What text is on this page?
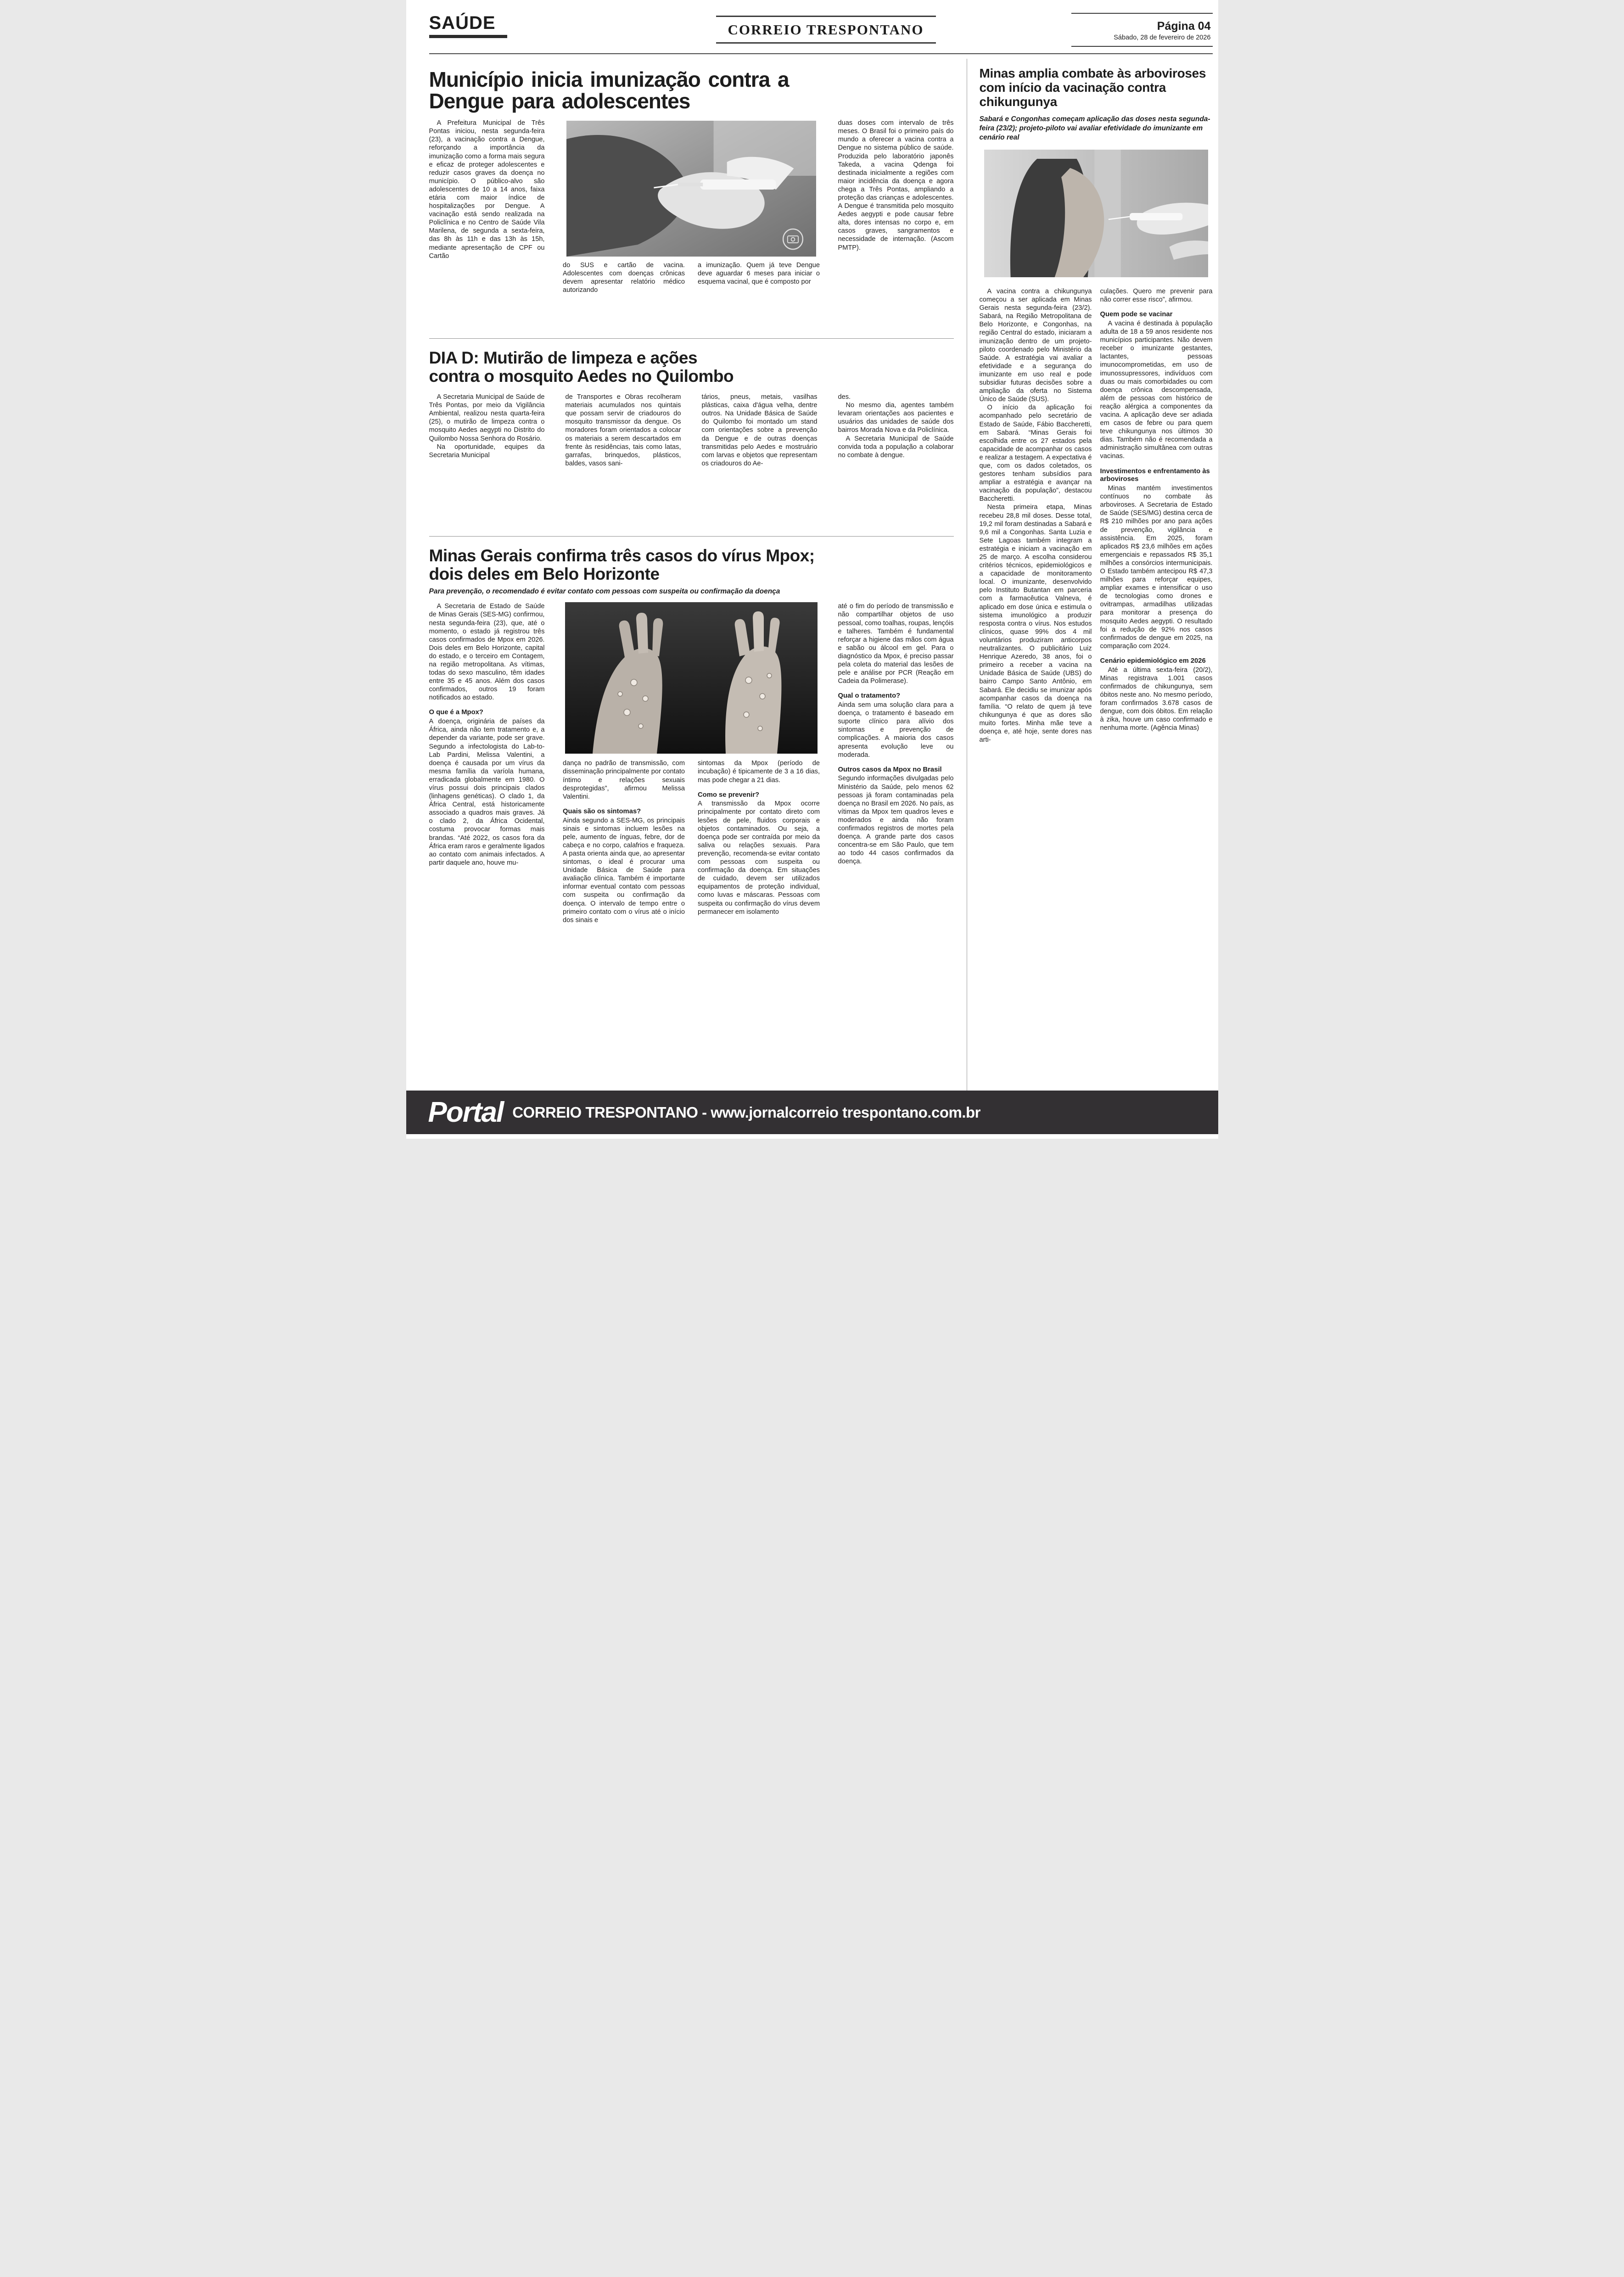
SAÚDE	CORREIO TRESPONTANO	Página 04
Sábado, 28 de fevereiro de 2026
Município inicia imunização contra a Dengue para adolescentes

A Prefeitura Municipal de Três Pontas iniciou, nesta segunda-feira (23), a vacinação contra a Dengue, reforçando a importância da imunização como a forma mais segura e eficaz de proteger adolescentes e reduzir casos graves da doença no município. O público-alvo são adolescentes de 10 a 14 anos, faixa etária com maior índice de hospitalizações por Dengue. A vacinação está sendo realizada na Policlínica e no Centro de Saúde Vila Marilena, de segunda a sexta-feira, das 8h às 11h e das 13h às 15h, mediante apresentação de CPF ou Cartão

do SUS e cartão de vacina. Adolescentes com doenças crônicas devem apresentar relatório médico autorizando

a imunização. Quem já teve Dengue deve aguardar 6 meses para iniciar o esquema vacinal, que é composto por

duas doses com intervalo de três meses. O Brasil foi o primeiro país do mundo a oferecer a vacina contra a Dengue no sistema público de saúde. Produzida pelo laboratório japonês Takeda, a vacina Qdenga foi destinada inicialmente a regiões com maior incidência da doença e agora chega a Três Pontas, ampliando a proteção das crianças e adolescentes. A Dengue é transmitida pelo mosquito Aedes aegypti e pode causar febre alta, dores intensas no corpo e, em casos graves, sangramentos e necessidade de internação. (Ascom PMTP).

DIA D: Mutirão de limpeza e ações contra o mosquito Aedes no Quilombo

A Secretaria Municipal de Saúde de Três Pontas, por meio da Vigilância Ambiental, realizou nesta quarta-feira (25), o mutirão de limpeza contra o mosquito Aedes aegypti no Distrito do Quilombo Nossa Senhora do Rosário.

Na oportunidade, equipes da Secretaria Municipal

de Transportes e Obras recolheram materiais acumulados nos quintais que possam servir de criadouros do mosquito transmissor da dengue. Os moradores foram orientados a colocar os materiais a serem descartados em frente às residências, tais como latas, garrafas, brinquedos, plásticos, baldes, vasos sani-

tários, pneus, metais, vasilhas plásticas, caixa d'água velha, dentre outros. Na Unidade Básica de Saúde do Quilombo foi montado um stand com orientações sobre a prevenção da Dengue e de outras doenças transmitidas pelo Aedes e mostruário com larvas e objetos que representam os criadouros do Ae-

des.

No mesmo dia, agentes também levaram orientações aos pacientes e usuários das unidades de saúde dos bairros Morada Nova e da Policlínica.

A Secretaria Municipal de Saúde convida toda a população a colaborar no combate à dengue.

Minas Gerais confirma três casos do vírus Mpox; dois deles em Belo Horizonte

Para prevenção, o recomendado é evitar contato com pessoas com suspeita ou confirmação da doença

A Secretaria de Estado de Saúde de Minas Gerais (SES-MG) confirmou, nesta segunda-feira (23), que, até o momento, o estado já registrou três casos confirmados de Mpox em 2026. Dois deles em Belo Horizonte, capital do estado, e o terceiro em Contagem, na região metropolitana. As vítimas, todas do sexo masculino, têm idades entre 35 e 45 anos. Além dos casos confirmados, outros 19 foram notificados ao estado.

O que é a Mpox?

A doença, originária de países da África, ainda não tem tratamento e, a depender da variante, pode ser grave. Segundo a infectologista do Lab-to-Lab Pardini, Melissa Valentini, a doença é causada por um vírus da mesma família da varíola humana, erradicada globalmente em 1980. O vírus possui dois principais clados (linhagens genéticas). O clado 1, da África Central, está historicamente associado a quadros mais graves. Já o clado 2, da África Ocidental, costuma provocar formas mais brandas. “Até 2022, os casos fora da África eram raros e geralmente ligados ao contato com animais infectados. A partir daquele ano, houve mu-

dança no padrão de transmissão, com disseminação principalmente por contato íntimo e relações sexuais desprotegidas”, afirmou Melissa Valentini.

Quais são os sintomas?

Ainda segundo a SES-MG, os principais sinais e sintomas incluem lesões na pele, aumento de ínguas, febre, dor de cabeça e no corpo, calafrios e fraqueza. A pasta orienta ainda que, ao apresentar sintomas, o ideal é procurar uma Unidade Básica de Saúde para avaliação clínica. Também é importante informar eventual contato com pessoas com suspeita ou confirmação da doença. O intervalo de tempo entre o primeiro contato com o vírus até o início dos sinais e

sintomas da Mpox (período de incubação) é tipicamente de 3 a 16 dias, mas pode chegar a 21 dias.

Como se prevenir?

A transmissão da Mpox ocorre principalmente por contato direto com lesões de pele, fluidos corporais e objetos contaminados. Ou seja, a doença pode ser contraída por meio da saliva ou relações sexuais. Para prevenção, recomenda-se evitar contato com pessoas com suspeita ou confirmação da doença. Em situações de cuidado, devem ser utilizados equipamentos de proteção individual, como luvas e máscaras. Pessoas com suspeita ou confirmação do vírus devem permanecer em isolamento

até o fim do período de transmissão e não compartilhar objetos de uso pessoal, como toalhas, roupas, lençóis e talheres. Também é fundamental reforçar a higiene das mãos com água e sabão ou álcool em gel. Para o diagnóstico da Mpox, é preciso passar pela coleta do material das lesões de pele e análise por PCR (Reação em Cadeia da Polimerase).

Qual o tratamento?

Ainda sem uma solução clara para a doença, o tratamento é baseado em suporte clínico para alívio dos sintomas e prevenção de complicações. A maioria dos casos apresenta evolução leve ou moderada.

Outros casos da Mpox no Brasil

Segundo informações divulgadas pelo Ministério da Saúde, pelo menos 62 pessoas já foram contaminadas pela doença no Brasil em 2026. No país, as vítimas da Mpox tem quadros leves e moderados e ainda não foram confirmados registros de mortes pela doença. A grande parte dos casos concentra-se em São Paulo, que tem ao todo 44 casos confirmados da doença.

Minas amplia combate às arboviroses com início da vacinação contra chikungunya

Sabará e Congonhas começam aplicação das doses nesta segunda-feira (23/2); projeto-piloto vai avaliar efetividade do imunizante em cenário real

A vacina contra a chikungunya começou a ser aplicada em Minas Gerais nesta segunda-feira (23/2). Sabará, na Região Metropolitana de Belo Horizonte, e Congonhas, na região Central do estado, iniciaram a imunização dentro de um projeto-piloto coordenado pelo Ministério da Saúde. A estratégia vai avaliar a efetividade e a segurança do imunizante em uso real e pode subsidiar futuras decisões sobre a ampliação da oferta no Sistema Único de Saúde (SUS).

O início da aplicação foi acompanhado pelo secretário de Estado de Saúde, Fábio Baccheretti, em Sabará. “Minas Gerais foi escolhida entre os 27 estados pela capacidade de acompanhar os casos e realizar a testagem. A expectativa é que, com os dados coletados, os gestores tenham subsídios para ampliar a estratégia e avançar na vacinação da população”, destacou Baccheretti.

Nesta primeira etapa, Minas recebeu 28,8 mil doses. Desse total, 19,2 mil foram destinadas a Sabará e 9,6 mil a Congonhas. Santa Luzia e Sete Lagoas também integram a estratégia e iniciam a vacinação em 25 de março. A escolha considerou critérios técnicos, epidemiológicos e a capacidade de monitoramento local. O imunizante, desenvolvido pelo Instituto Butantan em parceria com a farmacêutica Valneva, é aplicado em dose única e estimula o sistema imunológico a produzir resposta contra o vírus. Nos estudos clínicos, quase 99% dos 4 mil voluntários produziram anticorpos neutralizantes. O publicitário Luiz Henrique Azeredo, 38 anos, foi o primeiro a receber a vacina na Unidade Básica de Saúde (UBS) do bairro Campo Santo Antônio, em Sabará. Ele decidiu se imunizar após acompanhar casos da doença na família. “O relato de quem já teve chikungunya é que as dores são muito fortes. Minha mãe teve a doença e, até hoje, sente dores nas arti-

culações. Quero me prevenir para não correr esse risco”, afirmou.

Quem pode se vacinar

A vacina é destinada à população adulta de 18 a 59 anos residente nos municípios participantes. Não devem receber o imunizante gestantes, lactantes, pessoas imunocomprometidas, em uso de imunossupressores, indivíduos com duas ou mais comorbidades ou com doença crônica descompensada, além de pessoas com histórico de reação alérgica a componentes da vacina. A aplicação deve ser adiada em casos de febre ou para quem teve chikungunya nos últimos 30 dias. Também não é recomendada a administração simultânea com outras vacinas.

Investimentos e enfrentamento às arboviroses

Minas mantém investimentos contínuos no combate às arboviroses. A Secretaria de Estado de Saúde (SES/MG) destina cerca de R$ 210 milhões por ano para ações de prevenção, vigilância e assistência. Em 2025, foram aplicados R$ 23,6 milhões em ações emergenciais e repassados R$ 35,1 milhões a consórcios intermunicipais. O Estado também antecipou R$ 47,3 milhões para reforçar equipes, ampliar exames e intensificar o uso de tecnologias como drones e ovitrampas, armadilhas utilizadas para monitorar a presença do mosquito Aedes aegypti. O resultado foi a redução de 92% nos casos confirmados de dengue em 2025, na comparação com 2024.

Cenário epidemiológico em 2026

Até a última sexta-feira (20/2), Minas registrava 1.001 casos confirmados de chikungunya, sem óbitos neste ano. No mesmo período, foram confirmados 3.678 casos de dengue, com dois óbitos. Em relação à zika, houve um caso confirmado e nenhuma morte. (Agência Minas)

Portal CORREIO TRESPONTANO - www.jornalcorreio trespontano.com.br
